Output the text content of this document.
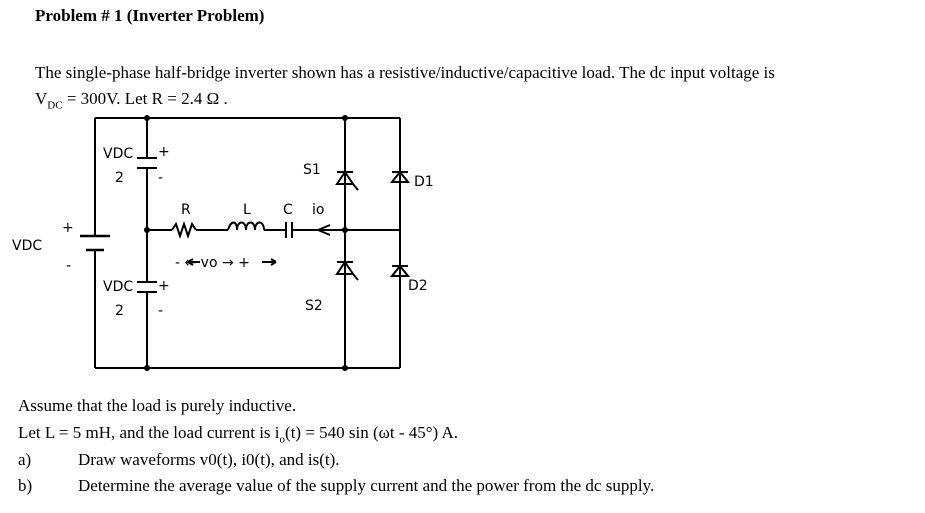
Problem # 1 (Inverter Problem)
The single-phase half-bridge inverter shown has a resistive/inductive/capacitive load. The dc input voltage is
$V_{DC} = 300V$. Let R = 2.4 Ω .
VDC
+
-
VDC
2
+
-
VDC
2
+
-
R	L C io
- ← vo → +
S1
S2
D1
D2
Assume that the load is purely inductive.
Let L = 5 mH, and the load current is $i_o(t) = 540$ sin (ωt - 45°) A.
a)	Draw waveforms v0(t), i0(t), and is(t).
b)	Determine the average value of the supply current and the power from the dc supply.
